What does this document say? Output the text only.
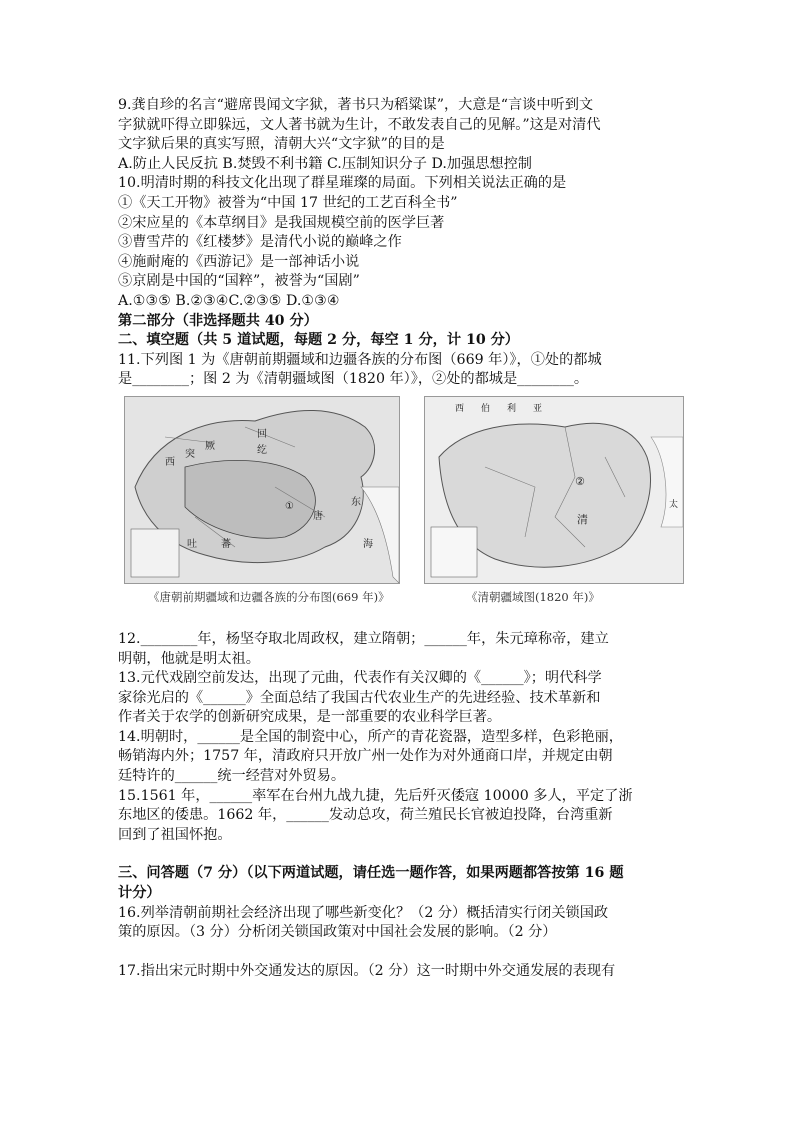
9.龚自珍的名言“避席畏闻文字狱，著书只为稻粱谋”，大意是“言谈中听到文
字狱就吓得立即躲远，文人著书就为生计，不敢发表自己的见解。”这是对清代
文字狱后果的真实写照，清朝大兴“文字狱”的目的是
A.防止人民反抗 B.焚毁不利书籍 C.压制知识分子 D.加强思想控制
10.明清时期的科技文化出现了群星璀璨的局面。下列相关说法正确的是
①《天工开物》被誉为“中国 17 世纪的工艺百科全书”
②宋应星的《本草纲目》是我国规模空前的医学巨著
③曹雪芹的《红楼梦》是清代小说的巅峰之作
④施耐庵的《西游记》是一部神话小说
⑤京剧是中国的“国粹”，被誉为“国剧”
A.①③⑤ B.②③④C.②③⑤ D.①③④
第二部分（非选择题共 40 分）
二、填空题（共 5 道试题，每题 2 分，每空 1 分，计 10 分）
11.下列图 1 为《唐朝前期疆域和边疆各族的分布图（669 年）》，①处的都城
是________；图 2 为《清朝疆域图（1820 年）》，②处的都城是________。
回
纥
西
突
厥
吐 蕃
唐
东
海
①
清
②
西 伯 利 亚
太
《唐朝前期疆域和边疆各族的分布图(669 年)》	《清朝疆域图(1820 年)》
12.________年，杨坚夺取北周政权，建立隋朝；______年，朱元璋称帝，建立
明朝，他就是明太祖。
13.元代戏剧空前发达，出现了元曲，代表作有关汉卿的《______》；明代科学
家徐光启的《______》全面总结了我国古代农业生产的先进经验、技术革新和
作者关于农学的创新研究成果，是一部重要的农业科学巨著。
14.明朝时，______是全国的制瓷中心，所产的青花瓷器，造型多样，色彩艳丽，
畅销海内外；1757 年，清政府只开放广州一处作为对外通商口岸，并规定由朝
廷特许的______统一经营对外贸易。
15.1561 年，______率军在台州九战九捷，先后歼灭倭寇 10000 多人，平定了浙
东地区的倭患。1662 年，______发动总攻，荷兰殖民长官被迫投降，台湾重新
回到了祖国怀抱。
三、问答题（7 分）（以下两道试题，请任选一题作答，如果两题都答按第 16 题
计分）
16.列举清朝前期社会经济出现了哪些新变化？（2 分）概括清实行闭关锁国政
策的原因。（3 分）分析闭关锁国政策对中国社会发展的影响。（2 分）
17.指出宋元时期中外交通发达的原因。（2 分）这一时期中外交通发展的表现有
